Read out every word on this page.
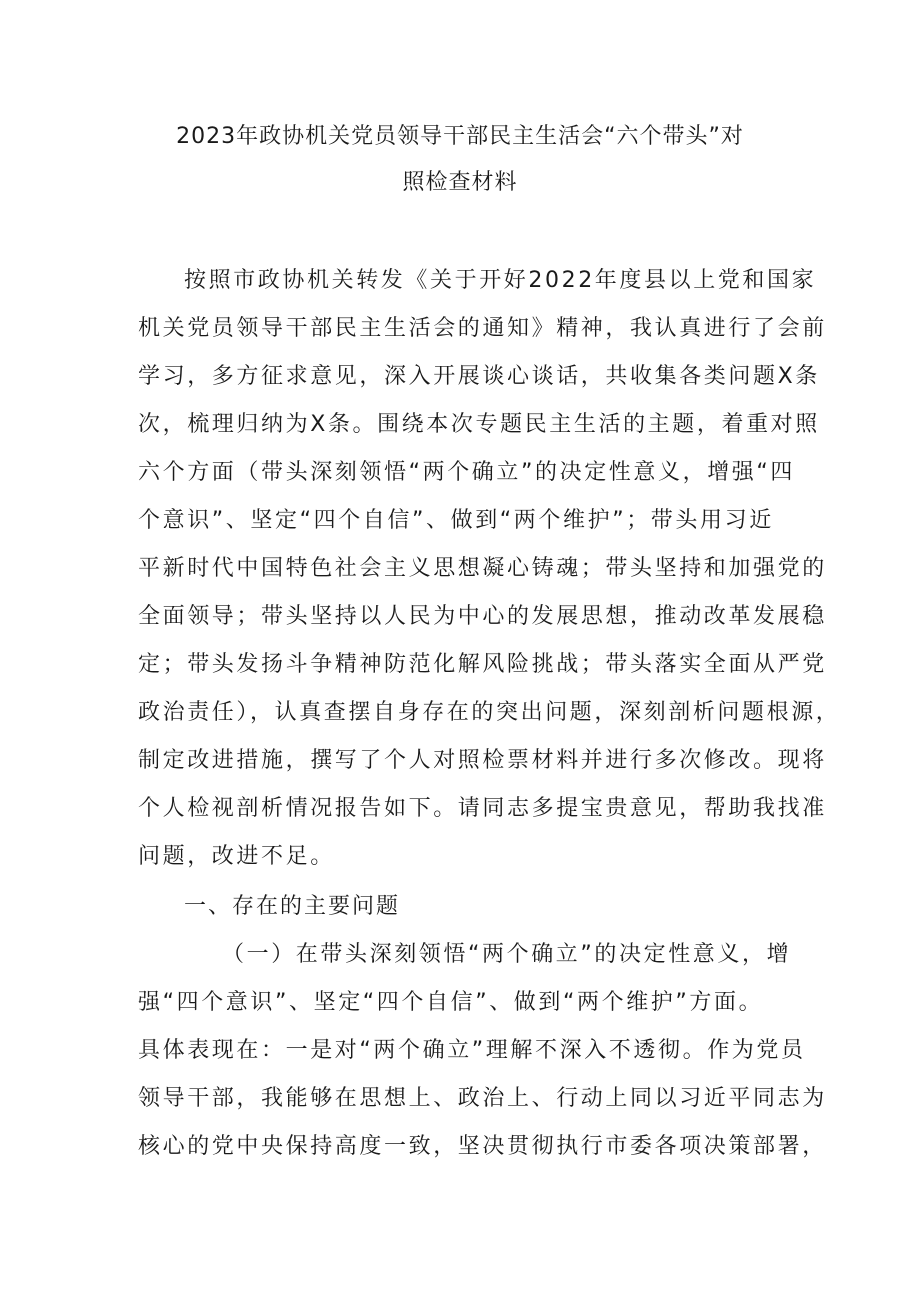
2023年政协机关党员领导干部民主生活会“六个带头”对
照检查材料
按照市政协机关转发《关于开好2022年度县以上党和国家
机关党员领导干部民主生活会的通知》精神，我认真进行了会前
学习，多方征求意见，深入开展谈心谈话，共收集各类问题X条
次，梳理归纳为X条。围绕本次专题民主生活的主题，着重对照
六个方面（带头深刻领悟“两个确立”的决定性意义，增强“四
个意识”、坚定“四个自信”、做到“两个维护”；带头用习近
平新时代中国特色社会主义思想凝心铸魂；带头坚持和加强党的
全面领导；带头坚持以人民为中心的发展思想，推动改革发展稳
定；带头发扬斗争精神防范化解风险挑战；带头落实全面从严党
政治责任），认真查摆自身存在的突出问题，深刻剖析问题根源，
制定改进措施，撰写了个人对照检票材料并进行多次修改。现将
个人检视剖析情况报告如下。请同志多提宝贵意见，帮助我找准
问题，改进不足。
一、存在的主要问题
（一）在带头深刻领悟“两个确立”的决定性意义，增
强“四个意识”、坚定“四个自信”、做到“两个维护”方面。
具体表现在：一是对“两个确立”理解不深入不透彻。作为党员
领导干部，我能够在思想上、政治上、行动上同以习近平同志为
核心的党中央保持高度一致，坚决贯彻执行市委各项决策部署，
